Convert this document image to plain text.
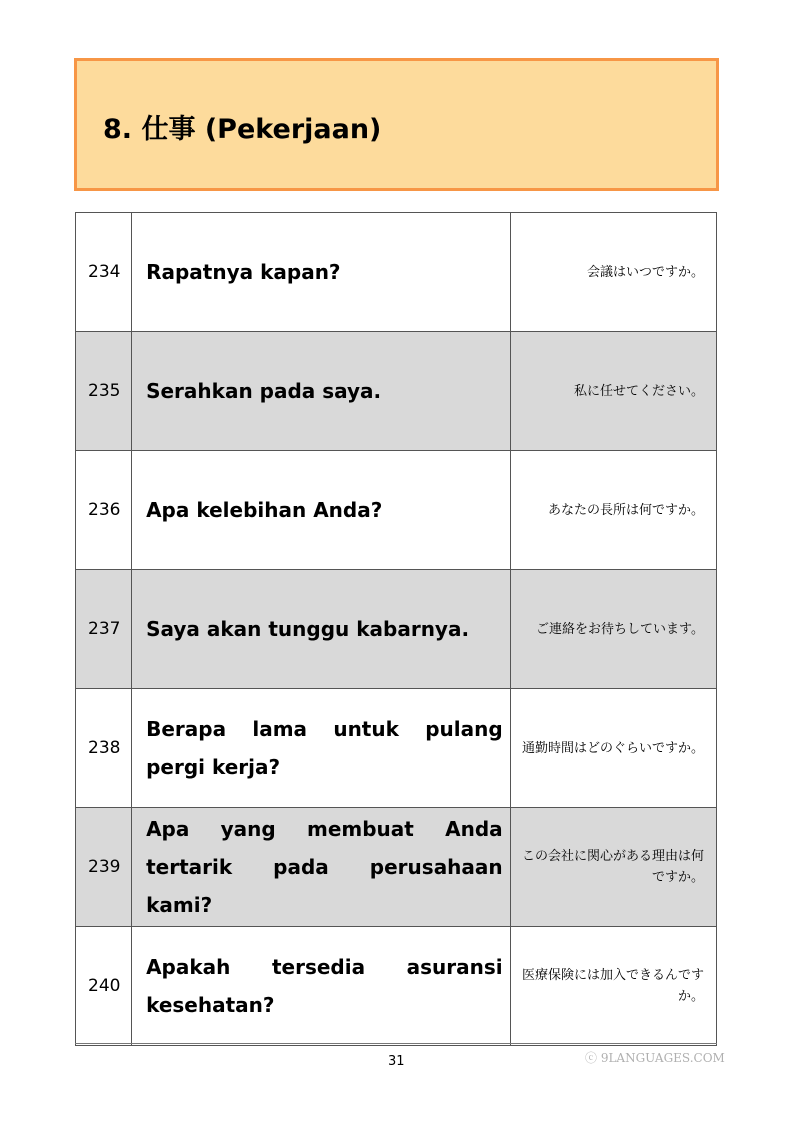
8. 仕事 (Pekerjaan)
234	Rapatnya kapan?	会議はいつですか。
235	Serahkan pada saya.	私に任せてください。
236	Apa kelebihan Anda?	あなたの長所は何ですか。
237	Saya akan tunggu kabarnya.	ご連絡をお待ちしています。
238	Berapa lama untuk pulang pergi kerja?	通勤時間はどのぐらいですか。
239	Apa yang membuat Anda tertarik pada perusahaan kami?	この会社に関心がある理由は何ですか。
240	Apakah tersedia asuransi kesehatan?	医療保険には加入できるんですか。
31	ⓒ 9LANGUAGES.COM
